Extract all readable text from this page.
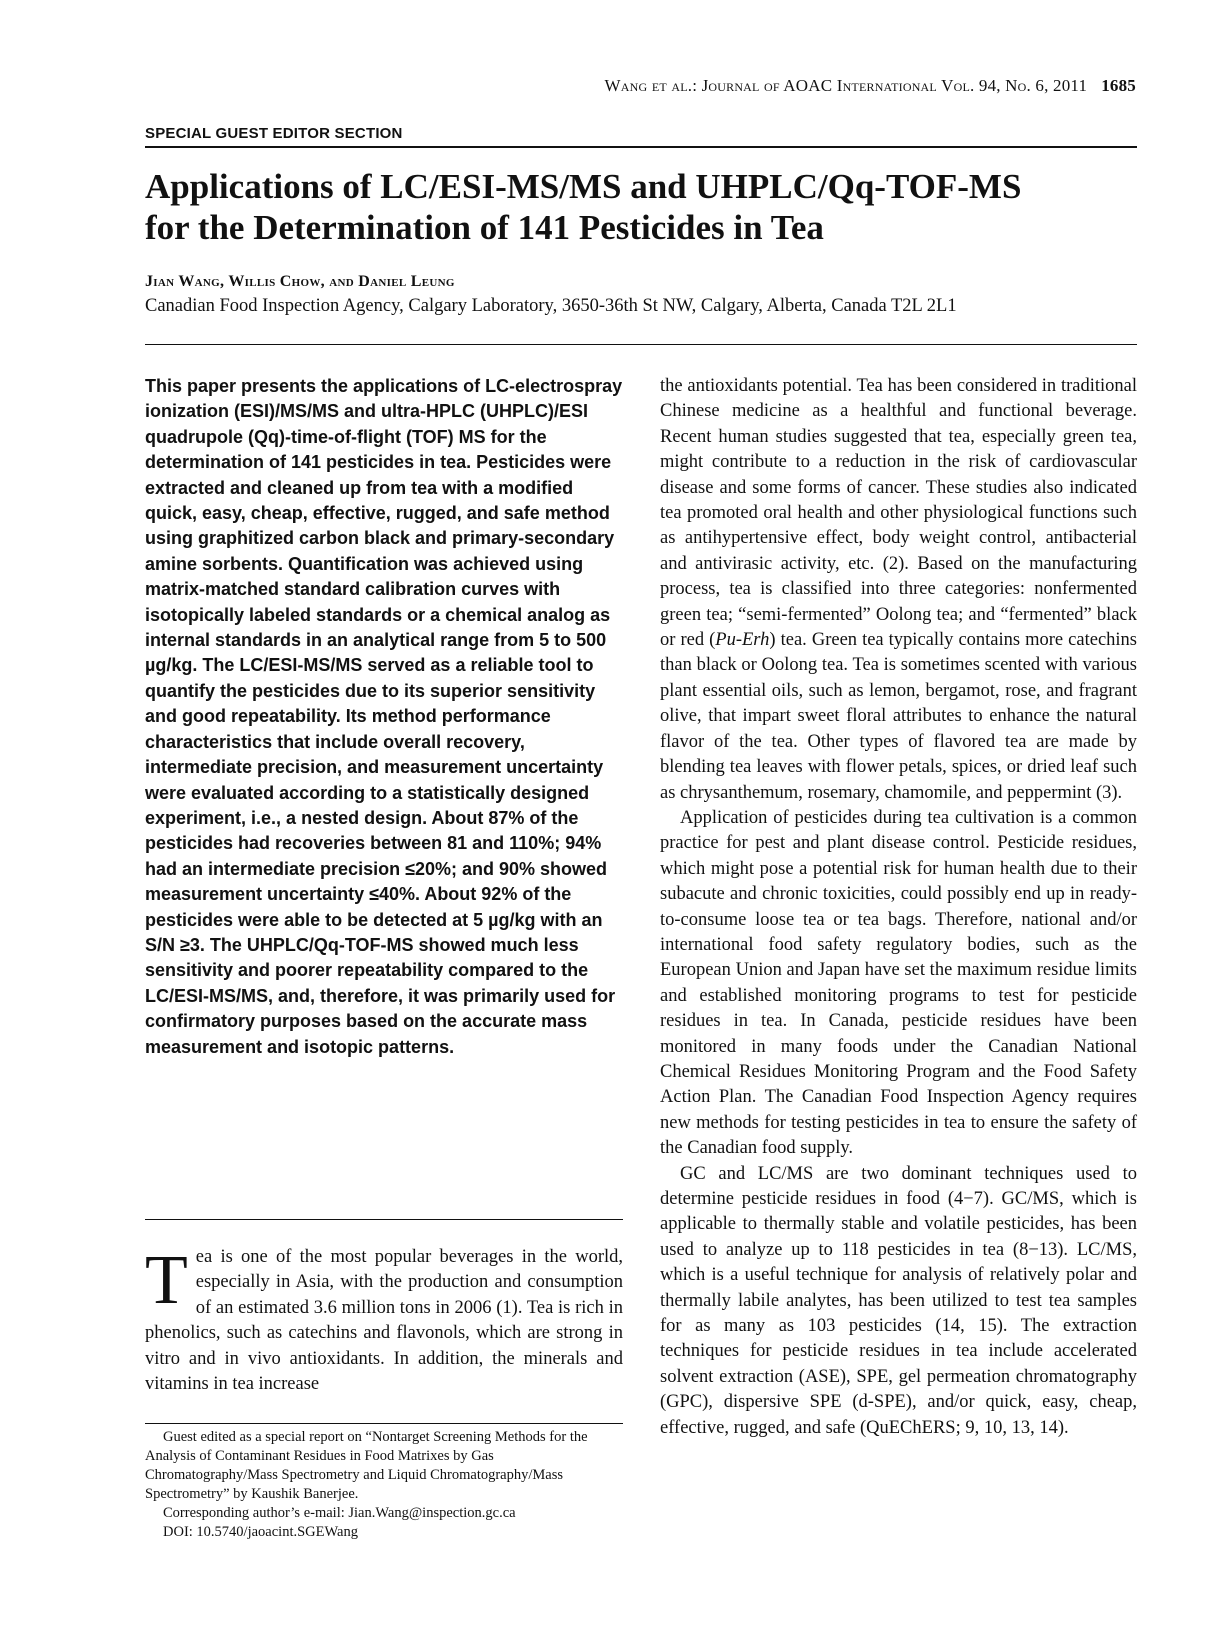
Wang et al.: Journal of AOAC International Vol. 94, No. 6, 2011 1685
SPECIAL GUEST EDITOR SECTION
Applications of LC/ESI-MS/MS and UHPLC/Qq-TOF-MS
for the Determination of 141 Pesticides in Tea
Jian Wang, Willis Chow, and Daniel Leung
Canadian Food Inspection Agency, Calgary Laboratory, 3650-36th St NW, Calgary, Alberta, Canada T2L 2L1
This paper presents the applications of LC-electrospray ionization (ESI)/MS/MS and ultra-HPLC (UHPLC)/ESI quadrupole (Qq)-time-of-flight (TOF) MS for the determination of 141 pesticides in tea. Pesticides were extracted and cleaned up from tea with a modified quick, easy, cheap, effective, rugged, and safe method using graphitized carbon black and primary-secondary amine sorbents. Quantification was achieved using matrix-matched standard calibration curves with isotopically labeled standards or a chemical analog as internal standards in an analytical range from 5 to 500 µg/kg. The LC/ESI-MS/MS served as a reliable tool to quantify the pesticides due to its superior sensitivity and good repeatability. Its method performance characteristics that include overall recovery, intermediate precision, and measurement uncertainty were evaluated according to a statistically designed experiment, i.e., a nested design. About 87% of the pesticides had recoveries between 81 and 110%; 94% had an intermediate precision ≤20%; and 90% showed measurement uncertainty ≤40%. About 92% of the pesticides were able to be detected at 5 µg/kg with an S/N ≥3. The UHPLC/Qq-TOF-MS showed much less sensitivity and poorer repeatability compared to the LC/ESI-MS/MS, and, therefore, it was primarily used for confirmatory purposes based on the accurate mass measurement and isotopic patterns.

Tea is one of the most popular beverages in the world, especially in Asia, with the production and consumption of an estimated 3.6 million tons in 2006 (1). Tea is rich in phenolics, such as catechins and flavonols, which are strong in vitro and in vivo antioxidants. In addition, the minerals and vitamins in tea increase

Guest edited as a special report on “Nontarget Screening Methods for the Analysis of Contaminant Residues in Food Matrixes by Gas Chromatography/Mass Spectrometry and Liquid Chromatography/Mass Spectrometry” by Kaushik Banerjee.

Corresponding author’s e-mail: Jian.Wang@inspection.gc.ca

DOI: 10.5740/jaoacint.SGEWang

the antioxidants potential. Tea has been considered in traditional Chinese medicine as a healthful and functional beverage. Recent human studies suggested that tea, especially green tea, might contribute to a reduction in the risk of cardiovascular disease and some forms of cancer. These studies also indicated tea promoted oral health and other physiological functions such as antihypertensive effect, body weight control, antibacterial and antivirasic activity, etc. (2). Based on the manufacturing process, tea is classified into three categories: nonfermented green tea; “semi-fermented” Oolong tea; and “fermented” black or red (Pu-Erh) tea. Green tea typically contains more catechins than black or Oolong tea. Tea is sometimes scented with various plant essential oils, such as lemon, bergamot, rose, and fragrant olive, that impart sweet floral attributes to enhance the natural flavor of the tea. Other types of flavored tea are made by blending tea leaves with flower petals, spices, or dried leaf such as chrysanthemum, rosemary, chamomile, and peppermint (3).

Application of pesticides during tea cultivation is a common practice for pest and plant disease control. Pesticide residues, which might pose a potential risk for human health due to their subacute and chronic toxicities, could possibly end up in ready-to-consume loose tea or tea bags. Therefore, national and/or international food safety regulatory bodies, such as the European Union and Japan have set the maximum residue limits and established monitoring programs to test for pesticide residues in tea. In Canada, pesticide residues have been monitored in many foods under the Canadian National Chemical Residues Monitoring Program and the Food Safety Action Plan. The Canadian Food Inspection Agency requires new methods for testing pesticides in tea to ensure the safety of the Canadian food supply.

GC and LC/MS are two dominant techniques used to determine pesticide residues in food (4−7). GC/MS, which is applicable to thermally stable and volatile pesticides, has been used to analyze up to 118 pesticides in tea (8−13). LC/MS, which is a useful technique for analysis of relatively polar and thermally labile analytes, has been utilized to test tea samples for as many as 103 pesticides (14, 15). The extraction techniques for pesticide residues in tea include accelerated solvent extraction (ASE), SPE, gel permeation chromatography (GPC), dispersive SPE (d-SPE), and/or quick, easy, cheap, effective, rugged, and safe (QuEChERS; 9, 10, 13, 14).
